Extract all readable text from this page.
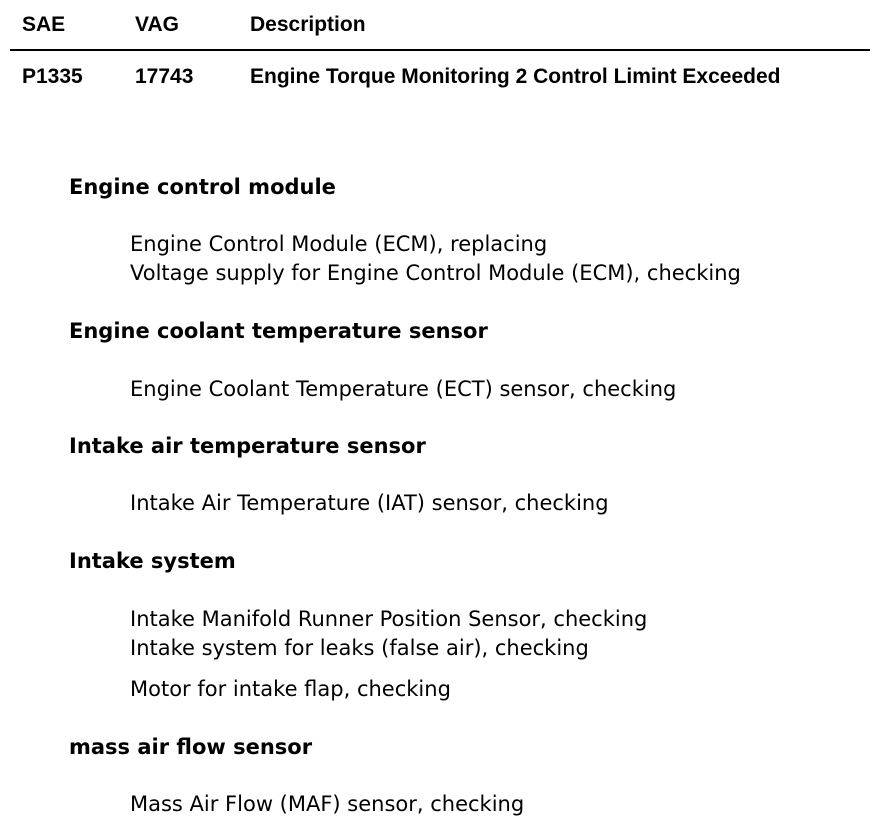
SAE	VAG	Description
P1335 17743	Engine Torque Monitoring 2 Control Limint Exceeded
Engine control module
Engine Control Module (ECM), replacing
Voltage supply for Engine Control Module (ECM), checking
Engine coolant temperature sensor
Engine Coolant Temperature (ECT) sensor, checking
Intake air temperature sensor
Intake Air Temperature (IAT) sensor, checking
Intake system
Intake Manifold Runner Position Sensor, checking
Intake system for leaks (false air), checking
Motor for intake flap, checking
mass air flow sensor
Mass Air Flow (MAF) sensor, checking
